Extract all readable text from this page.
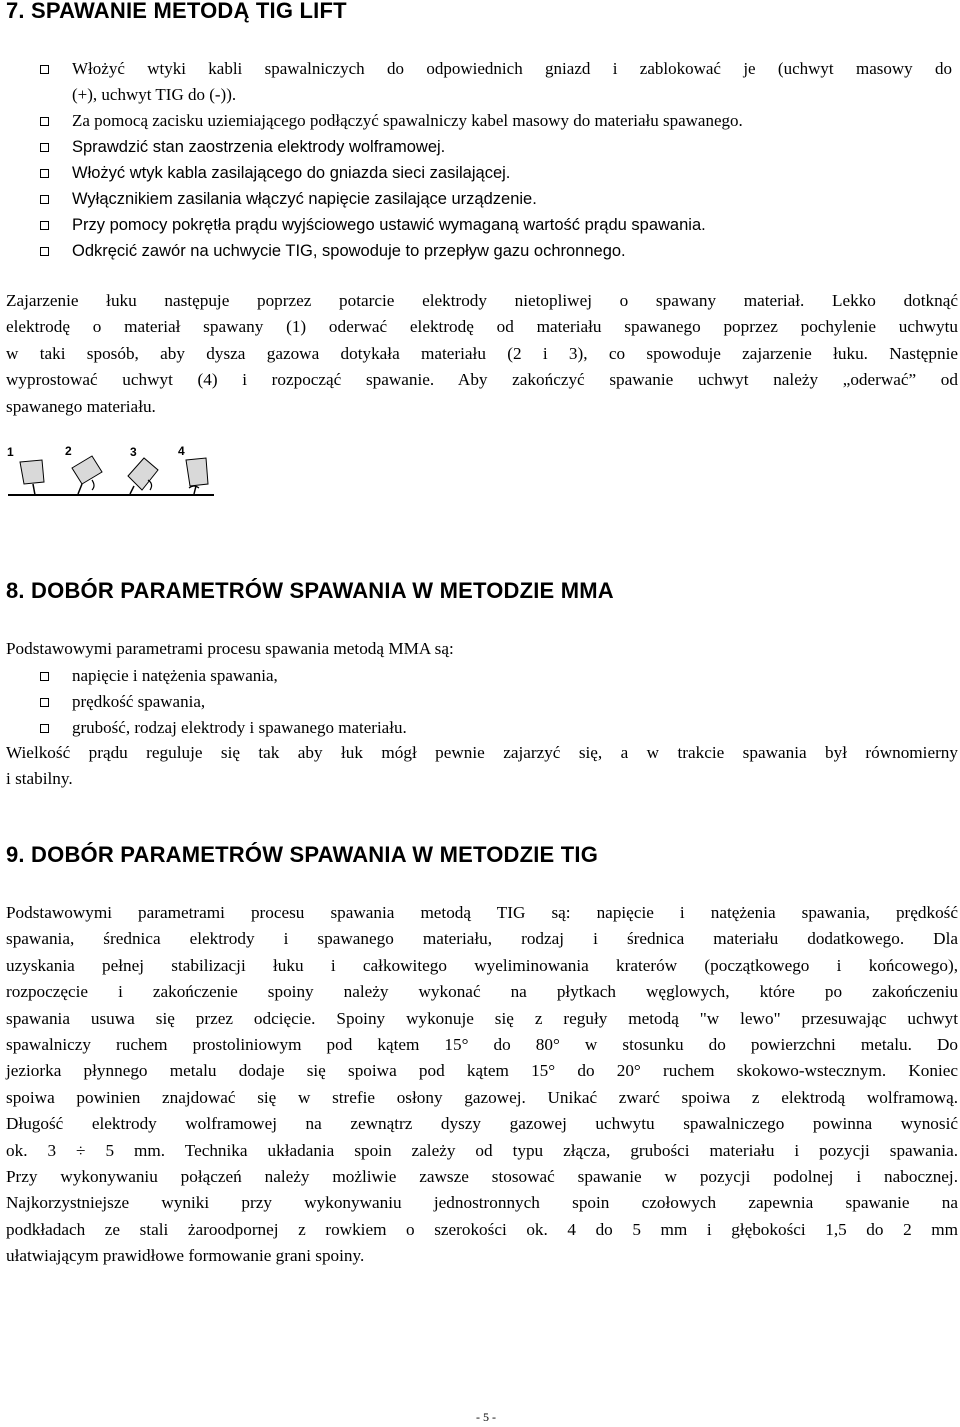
7. SPAWANIE METODĄ TIG LIFT
Włożyć wtyki kabli spawalniczych do odpowiednich gniazd i zablokować je (uchwyt masowy do
(+), uchwyt TIG do (-)).
Za pomocą zacisku uziemiającego podłączyć spawalniczy kabel masowy do materiału spawanego.
Sprawdzić stan zaostrzenia elektrody wolframowej.
Włożyć wtyk kabla zasilającego do gniazda sieci zasilającej.
Wyłącznikiem zasilania włączyć napięcie zasilające urządzenie.
Przy pomocy pokrętła prądu wyjściowego ustawić wymaganą wartość prądu spawania.
Odkręcić zawór na uchwycie TIG, spowoduje to przepływ gazu ochronnego.

Zajarzenie łuku następuje poprzez potarcie elektrody nietopliwej o spawany materiał. Lekko dotknąć
elektrodę o materiał spawany (1) oderwać elektrodę od materiału spawanego poprzez pochylenie uchwytu
w taki sposób, aby dysza gazowa dotykała materiału (2 i 3), co spowoduje zajarzenie łuku. Następnie
wyprostować uchwyt (4) i rozpocząć spawanie. Aby zakończyć spawanie uchwyt należy „oderwać” od
spawanego materiału.

1	2	3	4
8. DOBÓR PARAMETRÓW SPAWANIA W METODZIE MMA

Podstawowymi parametrami procesu spawania metodą MMA są:

napięcie i natężenia spawania,
prędkość spawania,
grubość, rodzaj elektrody i spawanego materiału.

Wielkość prądu reguluje się tak aby łuk mógł pewnie zajarzyć się, a w trakcie spawania był równomierny
i stabilny.

9. DOBÓR PARAMETRÓW SPAWANIA W METODZIE TIG

Podstawowymi parametrami procesu spawania metodą TIG są: napięcie i natężenia spawania, prędkość
spawania, średnica elektrody i spawanego materiału, rodzaj i średnica materiału dodatkowego. Dla
uzyskania pełnej stabilizacji łuku i całkowitego wyeliminowania kraterów (początkowego i końcowego),
rozpoczęcie i zakończenie spoiny należy wykonać na płytkach węglowych, które po zakończeniu
spawania usuwa się przez odcięcie. Spoiny wykonuje się z reguły metodą "w lewo" przesuwając uchwyt
spawalniczy ruchem prostoliniowym pod kątem 15° do 80° w stosunku do powierzchni metalu. Do
jeziorka płynnego metalu dodaje się spoiwa pod kątem 15° do 20° ruchem skokowo-wstecznym. Koniec
spoiwa powinien znajdować się w strefie osłony gazowej. Unikać zwarć spoiwa z elektrodą wolframową.
Długość elektrody wolframowej na zewnątrz dyszy gazowej uchwytu spawalniczego powinna wynosić
ok. 3 ÷ 5 mm. Technika układania spoin zależy od typu złącza, grubości materiału i pozycji spawania.
Przy wykonywaniu połączeń należy możliwie zawsze stosować spawanie w pozycji podolnej i nabocznej.
Najkorzystniejsze wyniki przy wykonywaniu jednostronnych spoin czołowych zapewnia spawanie na
podkładach ze stali żaroodpornej z rowkiem o szerokości ok. 4 do 5 mm i głębokości 1,5 do 2 mm
ułatwiającym prawidłowe formowanie grani spoiny.

- 5 -
